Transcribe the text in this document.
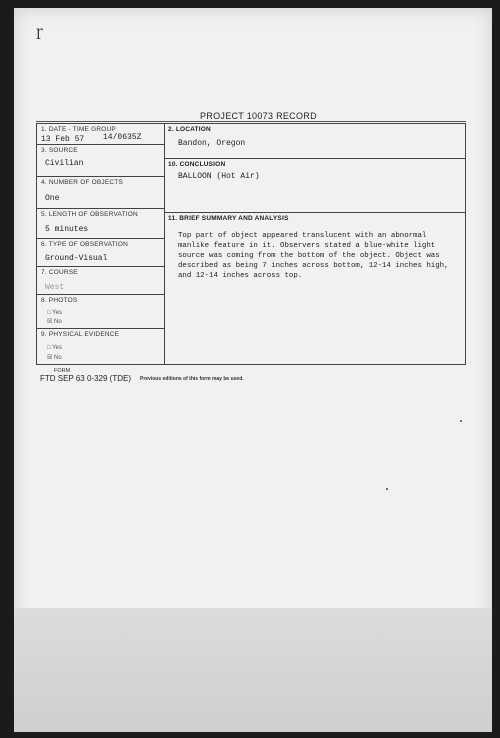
ɼ
PROJECT 10073 RECORD
1. DATE - TIME GROUP
13 Feb 57 14/0635Z
3. SOURCE
Civilian
4. NUMBER OF OBJECTS
One
5. LENGTH OF OBSERVATION
5 minutes
6. TYPE OF OBSERVATION
Ground-Visual
7. COURSE
West
8. PHOTOS
□ Yes
☒ No
9. PHYSICAL EVIDENCE
□ Yes
☒ No
2. LOCATION
Bandon, Oregon
10. CONCLUSION
BALLOON (Hot Air)
11. BRIEF SUMMARY AND ANALYSIS
Top part of object appeared translucent with an abnormal
manlike feature in it. Observers stated a blue-white light
source was coming from the bottom of the object. Object was
described as being 7 inches across bottom, 12-14 inches high,
and 12-14 inches across top.
FORM
FTD SEP 63 0-329 (TDE) Previous editions of this form may be used.
